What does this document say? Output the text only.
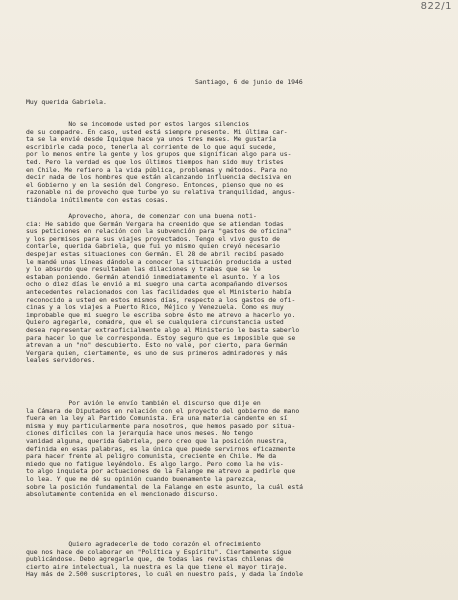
822/1
Santiago, 6 de junio de 1946
Muy querida Gabriela.
No se incomode usted por estos largos silencios
de su compadre. En caso, usted está siempre presente. Mi última car-
ta se la envié desde Iquique hace ya unos tres meses. Me gustaría
escribirle cada poco, tenerla al corriente de lo que aquí sucede,
por lo menos entre la gente y los grupos que significan algo para us-
ted. Pero la verdad es que los últimos tiempos han sido muy tristes
en Chile. Me refiero a la vida pública, problemas y métodos. Para no
decir nada de los hombres que están alcanzando influencia decisiva en
el Gobierno y en la sesión del Congreso. Entonces, pienso que no es
razonable ni de provecho que turbe yo su relativa tranquilidad, angus-
tiándola inútilmente con estas cosas.
Aprovecho, ahora, de comenzar con una buena noti-
cia: He sabido que Germán Vergara ha creenido que se atiendan todas
sus peticiones en relación con la subvención para "gastos de oficina"
y los permisos para sus viajes proyectados. Tengo el vivo gusto de
contarle, querida Gabriela, que fui yo mismo quien creyó necesario
despejar estas situaciones con Germán. El 28 de abril recibí pasado
le mandé unas líneas dándole a conocer la situación producida a usted
y lo absurdo que resultaban las dilaciones y trabas que se le
estaban poniendo. Germán atendió inmediatamente el asunto. Y a los
ocho o diez días le envió a mi suegro una carta acompañando diversos
antecedentes relacionados con las facilidades que el Ministerio había
reconocido a usted en estos mismos días, respecto a los gastos de ofi-
cinas y a los viajes a Puerto Rico, Méjico y Venezuela. Como es muy
improbable que mi suegro le escriba sobre ésto me atrevo a hacerlo yo.
Quiero agregarle, comadre, que el se cualquiera circunstancia usted
desea representar extraoficialmente algo al Ministerio le basta saberlo
para hacer lo que le corresponda. Estoy seguro que es imposible que se
atrevan a un "no" descubierto. Esto no vale, por cierto, para Germán
Vergara quien, ciertamente, es uno de sus primeros admiradores y más
leales servidores.
Por avión le envío también el discurso que dije en
la Cámara de Diputados en relación con el proyecto del gobierno de mano
fuera en la ley al Partido Comunista. Era una materia candente en sí
misma y muy particularmente para nosotros, que hemos pasado por situa-
ciones difíciles con la jerarquía hace unos meses. No tengo
vanidad alguna, querida Gabriela, pero creo que la posición nuestra,
definida en esas palabras, es la única que puede servirnos eficazmente
para hacer frente al peligro comunista, creciente en Chile. Me da
miedo que no fatigue leyéndolo. Es algo largo. Pero como la he vis-
to algo inquieta por actuaciones de la Falange me atrevo a pedirle que
lo lea. Y que me dé su opinión cuando buenamente la parezca,
sobre la posición fundamental de la Falange en este asunto, la cuál está
absolutamente contenida en el mencionado discurso.
Quiero agradecerle de todo corazón el ofrecimiento
que nos hace de colaborar en "Política y Espíritu". Ciertamente sigue
publicándose. Debo agregarle que, de todas las revistas chilenas de
cierto aire intelectual, la nuestra es la que tiene el mayor tiraje.
Hay más de 2.500 suscriptores, lo cuál en nuestro país, y dada la índole
